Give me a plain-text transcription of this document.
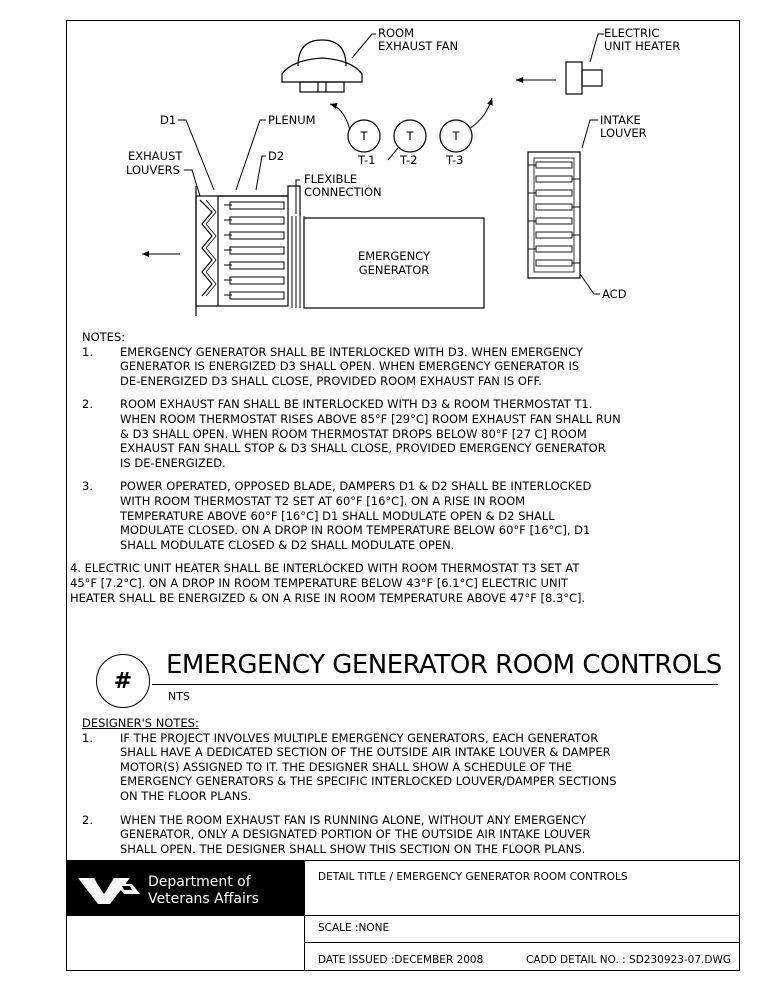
ROOM
EXHAUST FAN
ELECTRIC
UNIT HEATER
T
T-1
T
T-2
T
T-3
D1	PLENUM
D2
EXHAUST
LOUVERS
FLEXIBLE
CONNECTION
EMERGENCY
GENERATOR
INTAKE
LOUVER
ACD
NOTES:
1. EMERGENCY GENERATOR SHALL BE INTERLOCKED WITH D3. WHEN EMERGENCY
GENERATOR IS ENERGIZED D3 SHALL OPEN. WHEN EMERGENCY GENERATOR IS
DE-ENERGIZED D3 SHALL CLOSE, PROVIDED ROOM EXHAUST FAN IS OFF.
2. ROOM EXHAUST FAN SHALL BE INTERLOCKED WITH D3 & ROOM THERMOSTAT T1.
WHEN ROOM THERMOSTAT RISES ABOVE 85°F [29°C] ROOM EXHAUST FAN SHALL RUN
& D3 SHALL OPEN. WHEN ROOM THERMOSTAT DROPS BELOW 80°F [27 C] ROOM
EXHAUST FAN SHALL STOP & D3 SHALL CLOSE, PROVIDED EMERGENCY GENERATOR
IS DE-ENERGIZED.
3. POWER OPERATED, OPPOSED BLADE, DAMPERS D1 & D2 SHALL BE INTERLOCKED
WITH ROOM THERMOSTAT T2 SET AT 60°F [16°C]. ON A RISE IN ROOM
TEMPERATURE ABOVE 60°F [16°C] D1 SHALL MODULATE OPEN & D2 SHALL
MODULATE CLOSED. ON A DROP IN ROOM TEMPERATURE BELOW 60°F [16°C], D1
SHALL MODULATE CLOSED & D2 SHALL MODULATE OPEN.
4. ELECTRIC UNIT HEATER SHALL BE INTERLOCKED WITH ROOM THERMOSTAT T3 SET AT
45°F [7.2°C]. ON A DROP IN ROOM TEMPERATURE BELOW 43°F [6.1°C] ELECTRIC UNIT
HEATER SHALL BE ENERGIZED & ON A RISE IN ROOM TEMPERATURE ABOVE 47°F [8.3°C].
#
EMERGENCY GENERATOR ROOM CONTROLS
NTS
DESIGNER'S NOTES:
1. IF THE PROJECT INVOLVES MULTIPLE EMERGENCY GENERATORS, EACH GENERATOR
SHALL HAVE A DEDICATED SECTION OF THE OUTSIDE AIR INTAKE LOUVER & DAMPER
MOTOR(S) ASSIGNED TO IT. THE DESIGNER SHALL SHOW A SCHEDULE OF THE
EMERGENCY GENERATORS & THE SPECIFIC INTERLOCKED LOUVER/DAMPER SECTIONS
ON THE FLOOR PLANS.
2. WHEN THE ROOM EXHAUST FAN IS RUNNING ALONE, WITHOUT ANY EMERGENCY
GENERATOR, ONLY A DESIGNATED PORTION OF THE OUTSIDE AIR INTAKE LOUVER
SHALL OPEN. THE DESIGNER SHALL SHOW THIS SECTION ON THE FLOOR PLANS.
Department of
Veterans Affairs
DETAIL TITLE / EMERGENCY GENERATOR ROOM CONTROLS
SCALE :NONE
DATE ISSUED :DECEMBER 2008	CADD DETAIL NO. : SD230923-07.DWG
